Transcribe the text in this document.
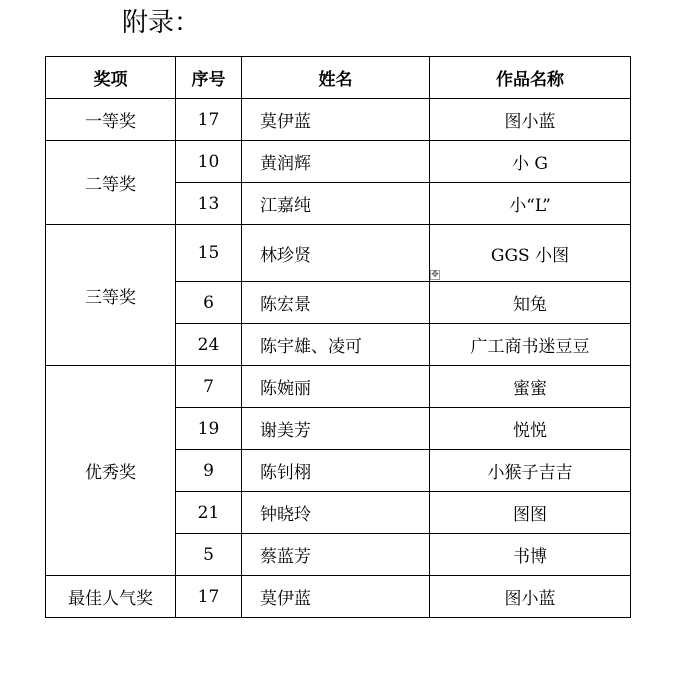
附录：
奖项	序号	姓名	作品名称
一等奖	17	莫伊蓝	图小蓝
二等奖	10	黄润辉	小 G
	13	江嘉纯	小“L”
三等奖	15	林珍贤	GGS 小图
	6	陈宏景	知兔
	24	陈宇雄、凌可	广工商书迷豆豆
优秀奖	7	陈婉丽	蜜蜜
	19	谢美芳	悦悦
	9	陈钊栩	小猴子吉吉
	21	钟晓玲	图图
	5	蔡蓝芳	书博
最佳人气奖	17	莫伊蓝	图小蓝
✥
